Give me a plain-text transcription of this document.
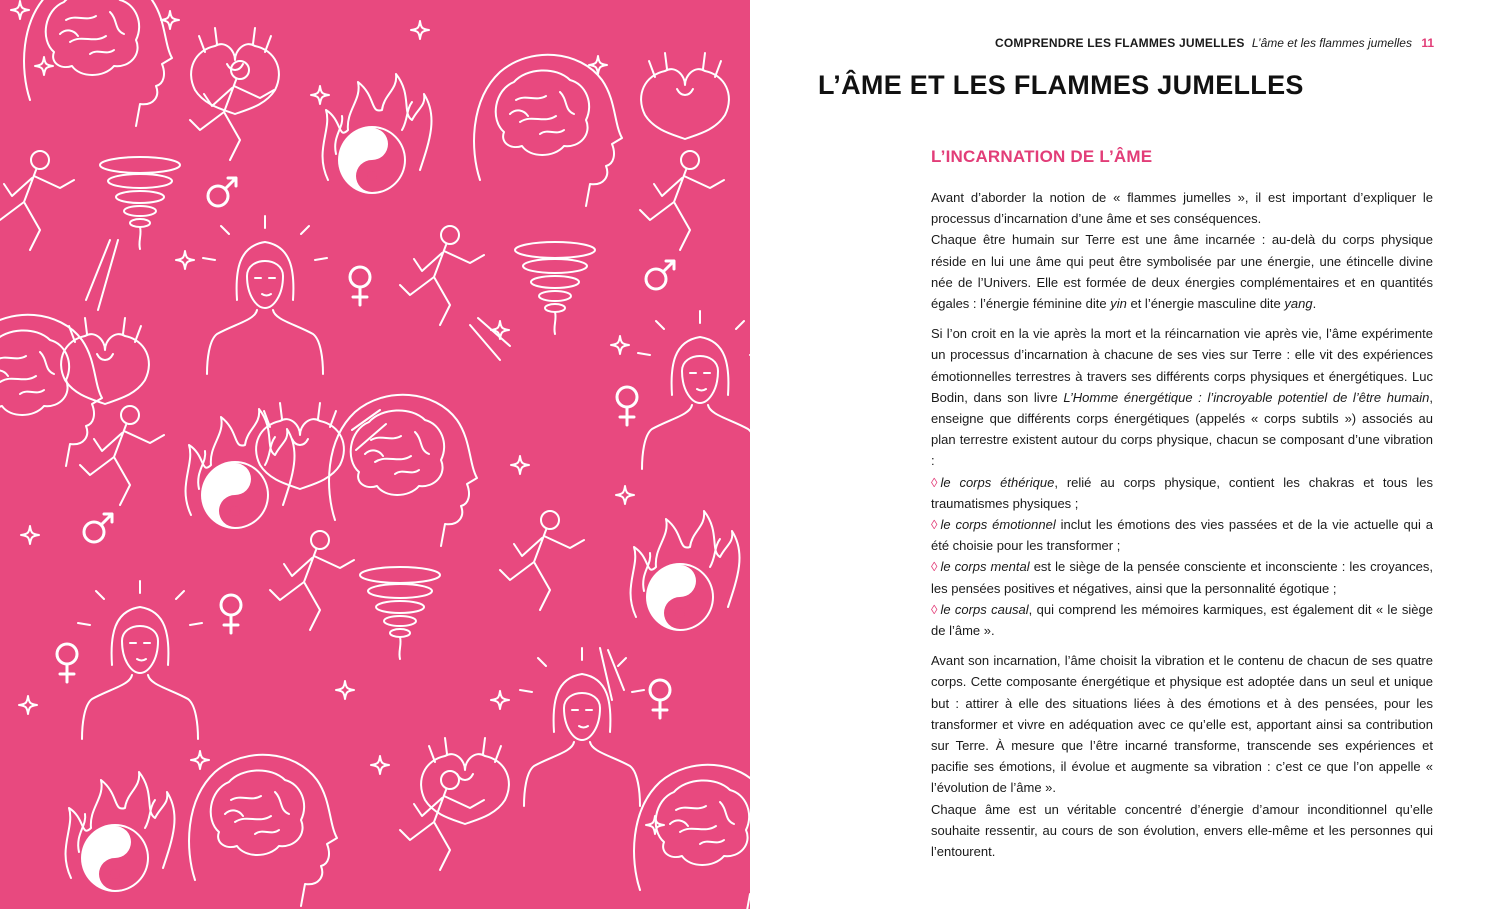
COMPRENDRE LES FLAMMES JUMELLES L’âme et les flammes jumelles 11
L’ÂME ET LES FLAMMES JUMELLES
L’INCARNATION DE L’ÂME

Avant d’aborder la notion de « flammes jumelles », il est important d’expliquer le processus d’incarnation d’une âme et ses conséquences.

Chaque être humain sur Terre est une âme incarnée : au-delà du corps physique réside en lui une âme qui peut être symbolisée par une énergie, une étincelle divine née de l’Univers. Elle est formée de deux énergies complémentaires et en quantités égales : l’énergie féminine dite yin et l’énergie masculine dite yang.

Si l’on croit en la vie après la mort et la réincarnation vie après vie, l’âme expérimente un processus d’incarnation à chacune de ses vies sur Terre : elle vit des expériences émotionnelles terrestres à travers ses différents corps physiques et énergétiques. Luc Bodin, dans son livre L’Homme énergétique : l’incroyable potentiel de l’être humain, enseigne que différents corps énergétiques (appelés « corps subtils ») associés au plan terrestre existent autour du corps physique, chacun se composant d’une vibration :

◊ le corps éthérique, relié au corps physique, contient les chakras et tous les traumatismes physiques ;

◊ le corps émotionnel inclut les émotions des vies passées et de la vie actuelle qui a été choisie pour les transformer ;

◊ le corps mental est le siège de la pensée consciente et inconsciente : les croyances, les pensées positives et négatives, ainsi que la personnalité égotique ;

◊ le corps causal, qui comprend les mémoires karmiques, est également dit « le siège de l’âme ».

Avant son incarnation, l’âme choisit la vibration et le contenu de chacun de ses quatre corps. Cette composante énergétique et physique est adoptée dans un seul et unique but : attirer à elle des situations liées à des émotions et à des pensées, pour les transformer et vivre en adéquation avec ce qu’elle est, apportant ainsi sa contribution sur Terre. À mesure que l’être incarné transforme, transcende ses expériences et pacifie ses émotions, il évolue et augmente sa vibration : c’est ce que l’on appelle « l’évolution de l’âme ».

Chaque âme est un véritable concentré d’énergie d’amour inconditionnel qu’elle souhaite ressentir, au cours de son évolution, envers elle-même et les personnes qui l’entourent.
